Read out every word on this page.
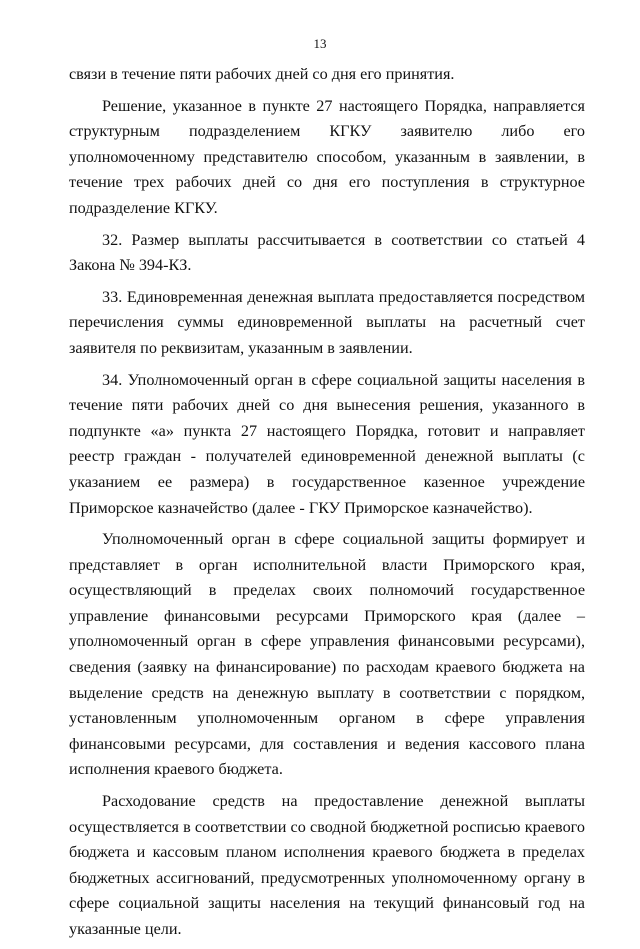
13

связи в течение пяти рабочих дней со дня его принятия.

Решение, указанное в пункте 27 настоящего Порядка, направляется структурным подразделением КГКУ заявителю либо его уполномоченному представителю способом, указанным в заявлении, в течение трех рабочих дней со дня его поступления в структурное подразделение КГКУ.

32. Размер выплаты рассчитывается в соответствии со статьей 4 Закона № 394-КЗ.

33. Единовременная денежная выплата предоставляется посредством перечисления суммы единовременной выплаты на расчетный счет заявителя по реквизитам, указанным в заявлении.

34. Уполномоченный орган в сфере социальной защиты населения в течение пяти рабочих дней со дня вынесения решения, указанного в подпункте «а» пункта 27 настоящего Порядка, готовит и направляет реестр граждан - получателей единовременной денежной выплаты (с указанием ее размера) в государственное казенное учреждение Приморское казначейство (далее - ГКУ Приморское казначейство).

Уполномоченный орган в сфере социальной защиты формирует и представляет в орган исполнительной власти Приморского края, осуществляющий в пределах своих полномочий государственное управление финансовыми ресурсами Приморского края (далее – уполномоченный орган в сфере управления финансовыми ресурсами), сведения (заявку на финансирование) по расходам краевого бюджета на выделение средств на денежную выплату в соответствии с порядком, установленным уполномоченным органом в сфере управления финансовыми ресурсами, для составления и ведения кассового плана исполнения краевого бюджета.

Расходование средств на предоставление денежной выплаты осуществляется в соответствии со сводной бюджетной росписью краевого бюджета и кассовым планом исполнения краевого бюджета в пределах бюджетных ассигнований, предусмотренных уполномоченному органу в сфере социальной защиты населения на текущий финансовый год на указанные цели.
